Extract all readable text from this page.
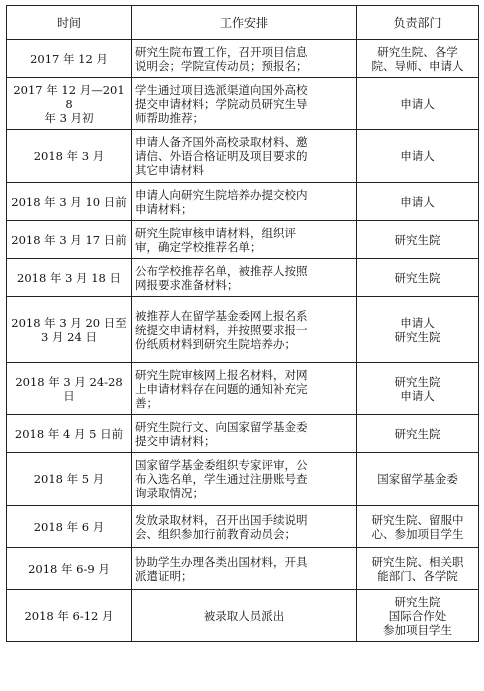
时间	工作安排	负责部门

2017 年 12 月	研究生院布置工作，召开项目信息
说明会；学院宣传动员；预报名；	研究生院、各学
院、导师、申请人

2017 年 12 月—2018
年 3 月初	学生通过项目选派渠道向国外高校
提交申请材料；学院动员研究生导
师帮助推荐；	申请人

2018 年 3 月	申请人备齐国外高校录取材料、邀
请信、外语合格证明及项目要求的
其它申请材料	申请人

2018 年 3 月 10 日前	申请人向研究生院培养办提交校内
申请材料；	申请人

2018 年 3 月 17 日前	研究生院审核申请材料，组织评
审，确定学校推荐名单；	研究生院

2018 年 3 月 18 日	公布学校推荐名单，被推荐人按照
网报要求准备材料；	研究生院

2018 年 3 月 20 日至
3 月 24 日	被推荐人在留学基金委网上报名系
统提交申请材料，并按照要求报一
份纸质材料到研究生院培养办；	申请人
研究生院

2018 年 3 月 24-28
日	研究生院审核网上报名材料，对网
上申请材料存在问题的通知补充完
善；	研究生院
申请人

2018 年 4 月 5 日前	研究生院行文、向国家留学基金委
提交申请材料；	研究生院

2018 年 5 月	国家留学基金委组织专家评审，公
布入选名单，学生通过注册账号查
询录取情况；	国家留学基金委

2018 年 6 月	发放录取材料，召开出国手续说明
会、组织参加行前教育动员会；	研究生院、留服中
心、参加项目学生

2018 年 6-9 月	协助学生办理各类出国材料，开具
派遣证明；	研究生院、相关职
能部门、各学院

2018 年 6-12 月	被录取人员派出	研究生院
国际合作处
参加项目学生
